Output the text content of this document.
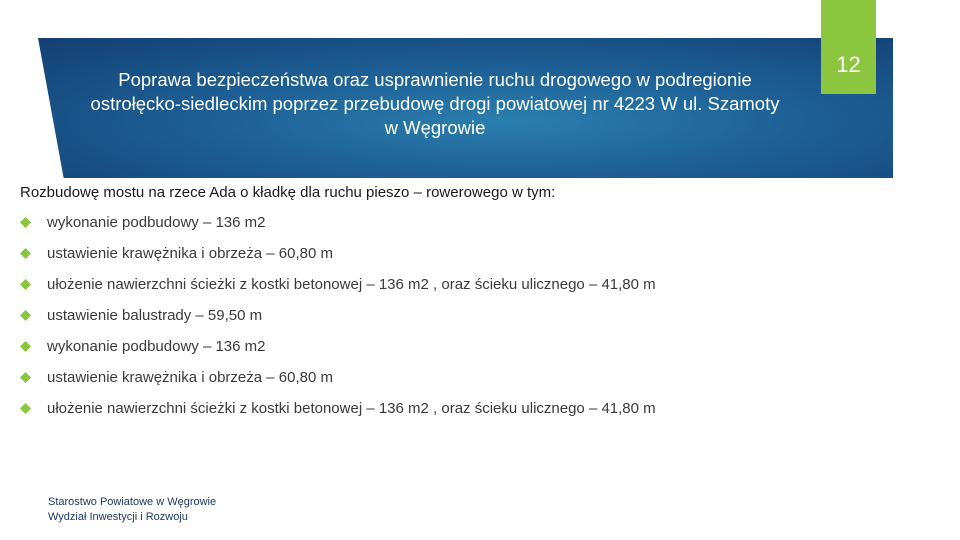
Poprawa bezpieczeństwa oraz usprawnienie ruchu drogowego w podregionie ostrołęcko-siedleckim poprzez przebudowę drogi powiatowej nr 4223 W ul. Szamoty w Węgrowie
12
Rozbudowę mostu na rzece Ada o kładkę dla ruchu pieszo – rowerowego w tym:
wykonanie podbudowy – 136 m2
ustawienie krawężnika i obrzeża – 60,80 m
ułożenie nawierzchni ścieżki z kostki betonowej – 136 m2 , oraz ścieku ulicznego – 41,80 m
ustawienie balustrady – 59,50 m
wykonanie podbudowy – 136 m2
ustawienie krawężnika i obrzeża – 60,80 m
ułożenie nawierzchni ścieżki z kostki betonowej – 136 m2 , oraz ścieku ulicznego – 41,80 m
Starostwo Powiatowe w Węgrowie
Wydział Inwestycji i Rozwoju
